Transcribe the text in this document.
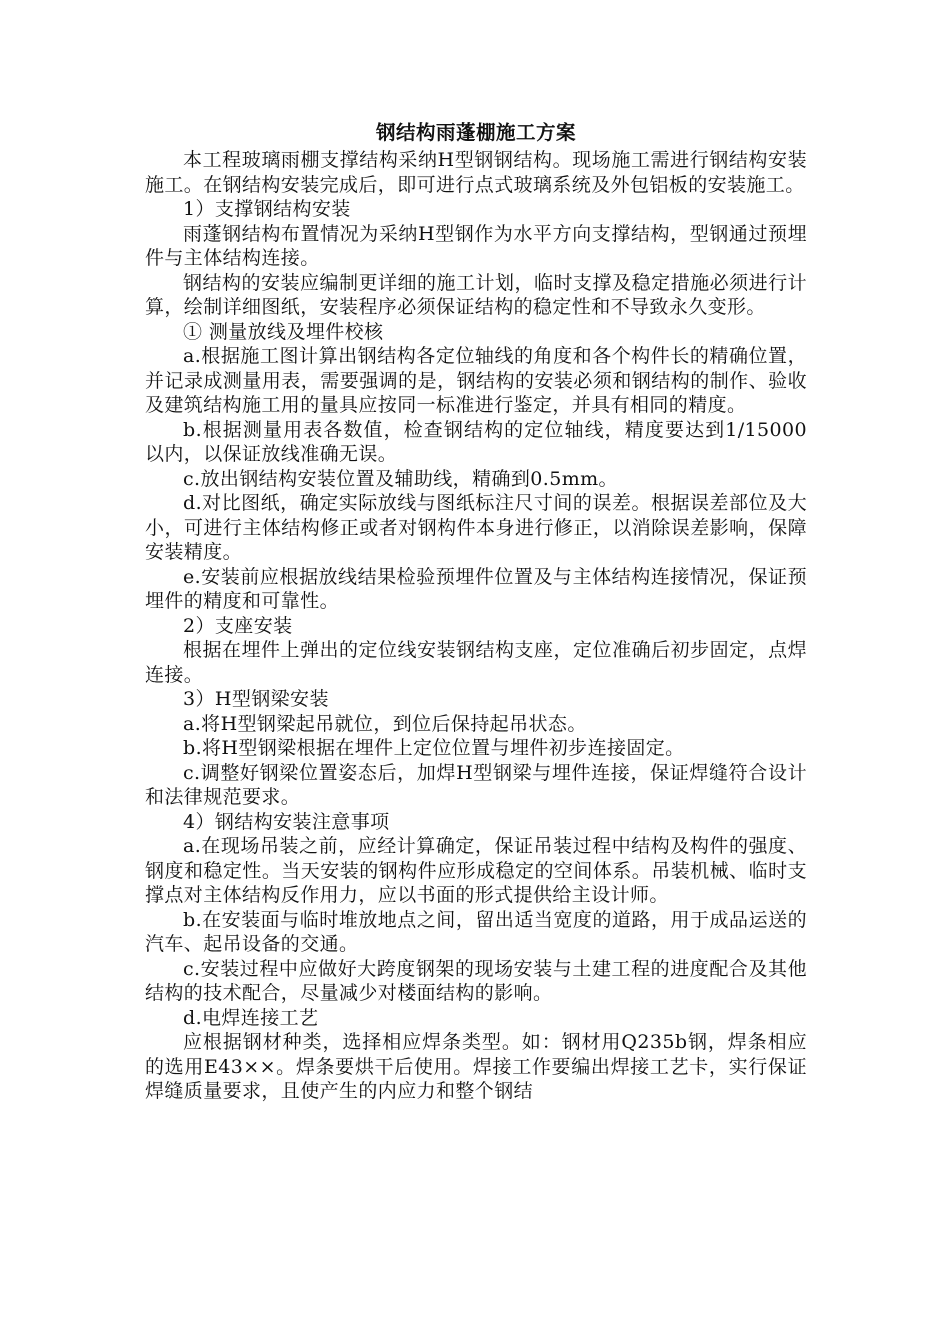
钢结构雨蓬棚施工方案

本工程玻璃雨棚支撑结构采纳H型钢钢结构。现场施工需进行钢结构安装施工。在钢结构安装完成后，即可进行点式玻璃系统及外包铝板的安装施工。

1）支撑钢结构安装

雨蓬钢结构布置情况为采纳H型钢作为水平方向支撑结构，型钢通过预埋件与主体结构连接。

钢结构的安装应编制更详细的施工计划，临时支撑及稳定措施必须进行计算，绘制详细图纸，安装程序必须保证结构的稳定性和不导致永久变形。

① 测量放线及埋件校核

a.根据施工图计算出钢结构各定位轴线的角度和各个构件长的精确位置，并记录成测量用表，需要强调的是，钢结构的安装必须和钢结构的制作、验收及建筑结构施工用的量具应按同一标准进行鉴定，并具有相同的精度。

b.根据测量用表各数值，检查钢结构的定位轴线，精度要达到1/15000以内，以保证放线准确无误。

c.放出钢结构安装位置及辅助线，精确到0.5mm。

d.对比图纸，确定实际放线与图纸标注尺寸间的误差。根据误差部位及大小，可进行主体结构修正或者对钢构件本身进行修正，以消除误差影响，保障安装精度。

e.安装前应根据放线结果检验预埋件位置及与主体结构连接情况，保证预埋件的精度和可靠性。

2）支座安装

根据在埋件上弹出的定位线安装钢结构支座，定位准确后初步固定，点焊连接。

3）H型钢梁安装

a.将H型钢梁起吊就位，到位后保持起吊状态。

b.将H型钢梁根据在埋件上定位位置与埋件初步连接固定。

c.调整好钢梁位置姿态后，加焊H型钢梁与埋件连接，保证焊缝符合设计和法律规范要求。

4）钢结构安装注意事项

a.在现场吊装之前，应经计算确定，保证吊装过程中结构及构件的强度、钢度和稳定性。当天安装的钢构件应形成稳定的空间体系。吊装机械、临时支撑点对主体结构反作用力，应以书面的形式提供给主设计师。

b.在安装面与临时堆放地点之间，留出适当宽度的道路，用于成品运送的汽车、起吊设备的交通。

c.安装过程中应做好大跨度钢架的现场安装与土建工程的进度配合及其他结构的技术配合，尽量减少对楼面结构的影响。

d.电焊连接工艺

应根据钢材种类，选择相应焊条类型。如：钢材用Q235b钢，焊条相应的选用E43××。焊条要烘干后使用。焊接工作要编出焊接工艺卡，实行保证焊缝质量要求，且使产生的内应力和整个钢结
